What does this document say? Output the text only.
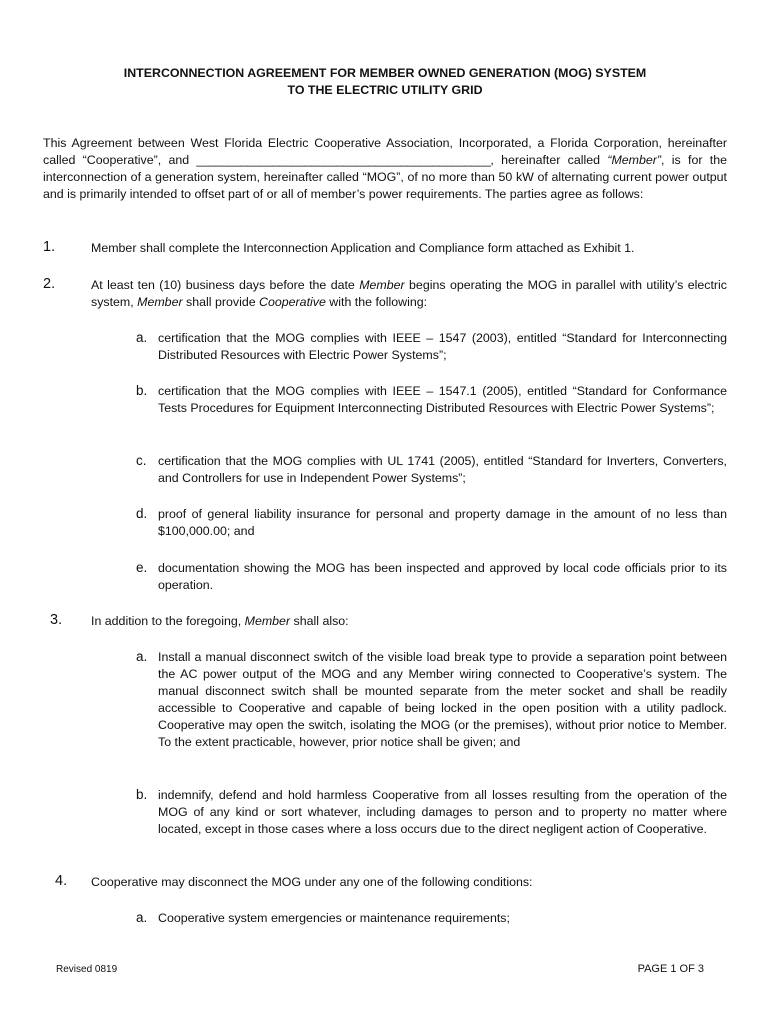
INTERCONNECTION AGREEMENT FOR MEMBER OWNED GENERATION (MOG) SYSTEM
TO THE ELECTRIC UTILITY GRID
This Agreement between West Florida Electric Cooperative Association, Incorporated, a Florida Corporation, hereinafter called “Cooperative”, and ______________________________________________, hereinafter called “Member”, is for the interconnection of a generation system, hereinafter called “MOG”, of no more than 50 kW of alternating current power output and is primarily intended to offset part of or all of member’s power requirements. The parties agree as follows:
1.	Member shall complete the Interconnection Application and Compliance form attached as Exhibit 1.
2.	At least ten (10) business days before the date Member begins operating the MOG in parallel with utility’s electric system, Member shall provide Cooperative with the following:
a. certification that the MOG complies with IEEE – 1547 (2003), entitled “Standard for Interconnecting Distributed Resources with Electric Power Systems”;
b. certification that the MOG complies with IEEE – 1547.1 (2005), entitled “Standard for Conformance Tests Procedures for Equipment Interconnecting Distributed Resources with Electric Power Systems”;
c. certification that the MOG complies with UL 1741 (2005), entitled “Standard for Inverters, Converters, and Controllers for use in Independent Power Systems”;
d. proof of general liability insurance for personal and property damage in the amount of no less than $100,000.00; and
e. documentation showing the MOG has been inspected and approved by local code officials prior to its operation.
3. In addition to the foregoing, Member shall also:
a. Install a manual disconnect switch of the visible load break type to provide a separation point between the AC power output of the MOG and any Member wiring connected to Cooperative’s system. The manual disconnect switch shall be mounted separate from the meter socket and shall be readily accessible to Cooperative and capable of being locked in the open position with a utility padlock. Cooperative may open the switch, isolating the MOG (or the premises), without prior notice to Member. To the extent practicable, however, prior notice shall be given; and
b. indemnify, defend and hold harmless Cooperative from all losses resulting from the operation of the MOG of any kind or sort whatever, including damages to person and to property no matter where located, except in those cases where a loss occurs due to the direct negligent action of Cooperative.
4. Cooperative may disconnect the MOG under any one of the following conditions:
a. Cooperative system emergencies or maintenance requirements;
Revised 0819	PAGE 1 OF 3
